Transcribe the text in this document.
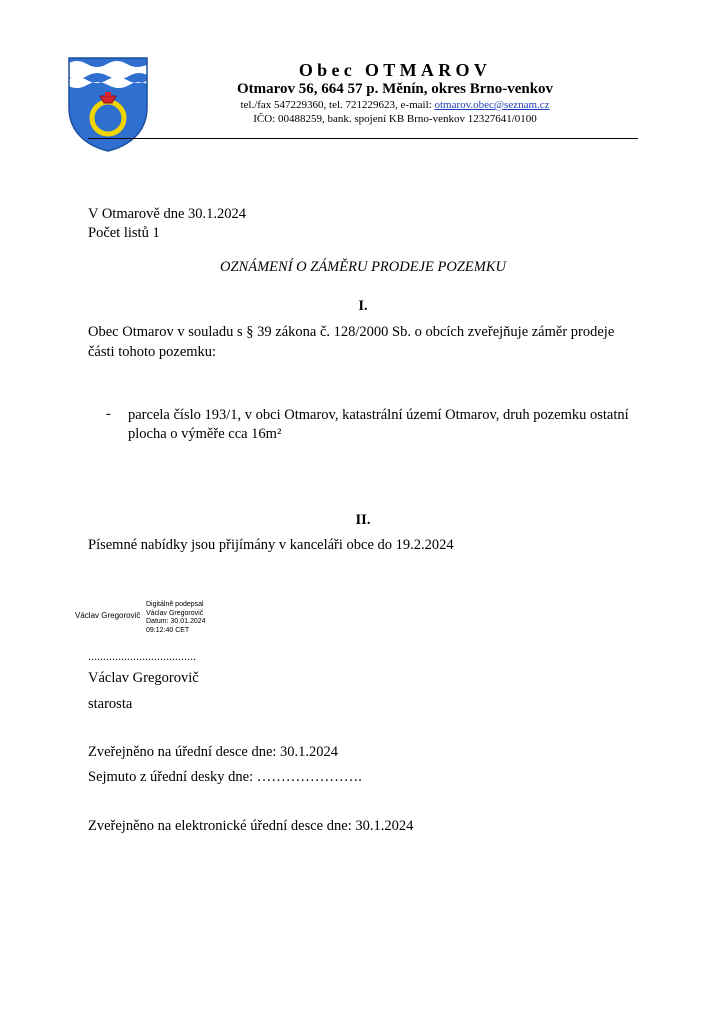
Obec OTMAROV
Otmarov 56, 664 57 p. Měnín, okres Brno-venkov
tel./fax 547229360, tel. 721229623, e-mail: otmarov.obec@seznam.cz
IČO: 00488259, bank. spojení KB Brno-venkov 12327641/0100
V Otmarově dne 30.1.2024
Počet listů 1
OZNÁMENÍ O ZÁMĚRU PRODEJE POZEMKU
I.
Obec Otmarov v souladu s § 39 zákona č. 128/2000 Sb. o obcích zveřejňuje záměr prodeje
části tohoto pozemku:
- parcela číslo 193/1, v obci Otmarov, katastrální území Otmarov, druh pozemku ostatní
plocha o výměře cca 16m²
II.
Písemné nabídky jsou přijímány v kanceláři obce do 19.2.2024
Václav Gregorovič
Digitálně podepsal
Václav Gregorovič
Datum: 30.01.2024
09:12:40 CET
....................................
Václav Gregorovič
starosta
Zveřejněno na úřední desce dne: 30.1.2024
Sejmuto z úřední desky dne: ………………….
Zveřejněno na elektronické úřední desce dne: 30.1.2024
